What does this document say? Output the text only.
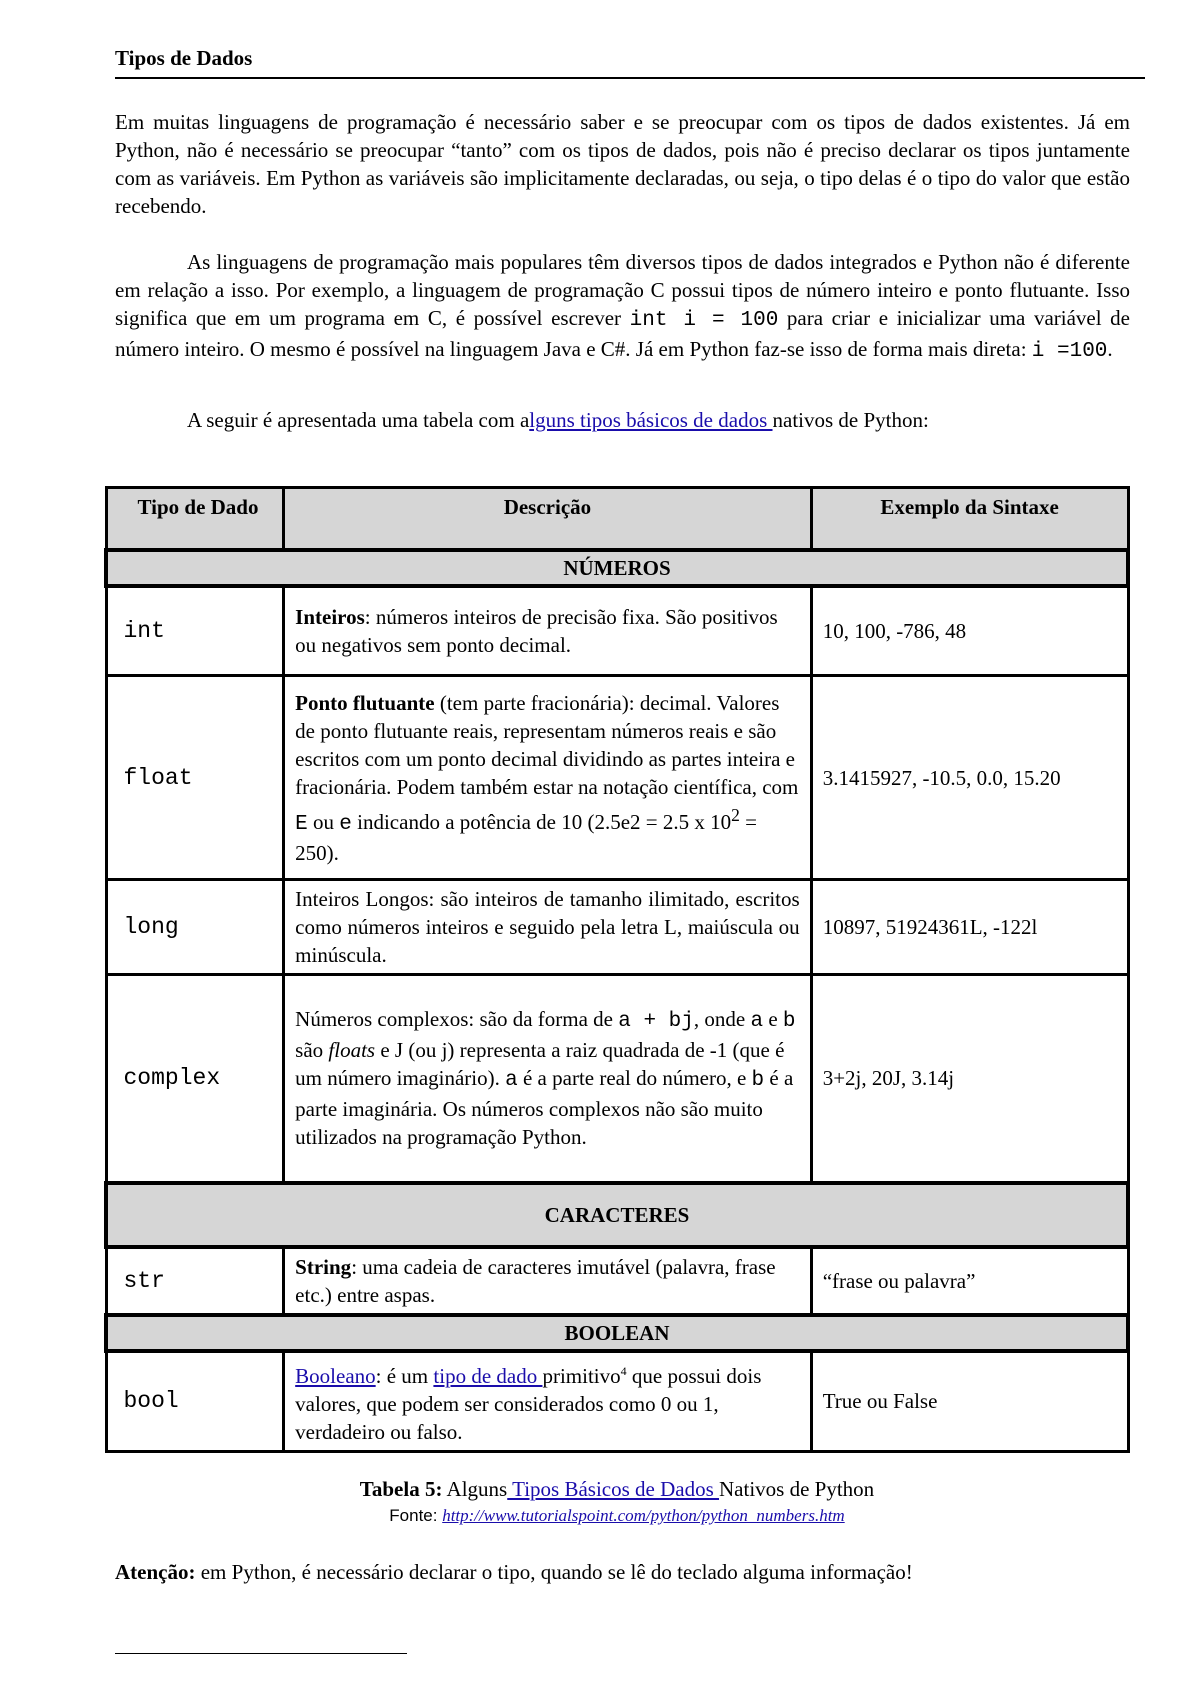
Tipos de Dados

Em muitas linguagens de programação é necessário saber e se preocupar com os tipos de dados existentes. Já em Python, não é necessário se preocupar “tanto” com os tipos de dados, pois não é preciso declarar os tipos juntamente com as variáveis. Em Python as variáveis são implicitamente declaradas, ou seja, o tipo delas é o tipo do valor que estão recebendo.

As linguagens de programação mais populares têm diversos tipos de dados integrados e Python não é diferente em relação a isso. Por exemplo, a linguagem de programação C possui tipos de número inteiro e ponto flutuante. Isso significa que em um programa em C, é possível escrever int i = 100 para criar e inicializar uma variável de número inteiro. O mesmo é possível na linguagem Java e C#. Já em Python faz-se isso de forma mais direta: i =100.

A seguir é apresentada uma tabela com alguns tipos básicos de dados nativos de Python:

Tipo de Dado	Descrição	Exemplo da Sintaxe
NÚMEROS		
int	Inteiros: números inteiros de precisão fixa. São positivos ou negativos sem ponto decimal.	10, 100, -786, 48
float	Ponto flutuante (tem parte fracionária): decimal. Valores de ponto flutuante reais, representam números reais e são escritos com um ponto decimal dividindo as partes inteira e fracionária. Podem também estar na notação científica, com E ou e indicando a potência de 10 (2.5e2 = 2.5 x $10^2 = 250$).	3.1415927, -10.5, 0.0, 15.20
long	Inteiros Longos: são inteiros de tamanho ilimitado, escritos como números inteiros e seguido pela letra L, maiúscula ou minúscula.	10897, 51924361L, -122l
complex	Números complexos: são da forma de a + bj, onde a e b são floats e J (ou j) representa a raiz quadrada de -1 (que é um número imaginário). a é a parte real do número, e b é a parte imaginária. Os números complexos não são muito utilizados na programação Python.	3+2j, 20J, 3.14j
CARACTERES		
str	String: uma cadeia de caracteres imutável (palavra, frase etc.) entre aspas.	“frase ou palavra”
BOOLEAN		
bool	Booleano: é um tipo de dado primitivo$^4$ que possui dois valores, que podem ser considerados como 0 ou 1, verdadeiro ou falso.	True ou False
Tabela 5: Alguns Tipos Básicos de Dados Nativos de Python
Fonte: http://www.tutorialspoint.com/python/python_numbers.htm
Atenção: em Python, é necessário declarar o tipo, quando se lê do teclado alguma informação!
